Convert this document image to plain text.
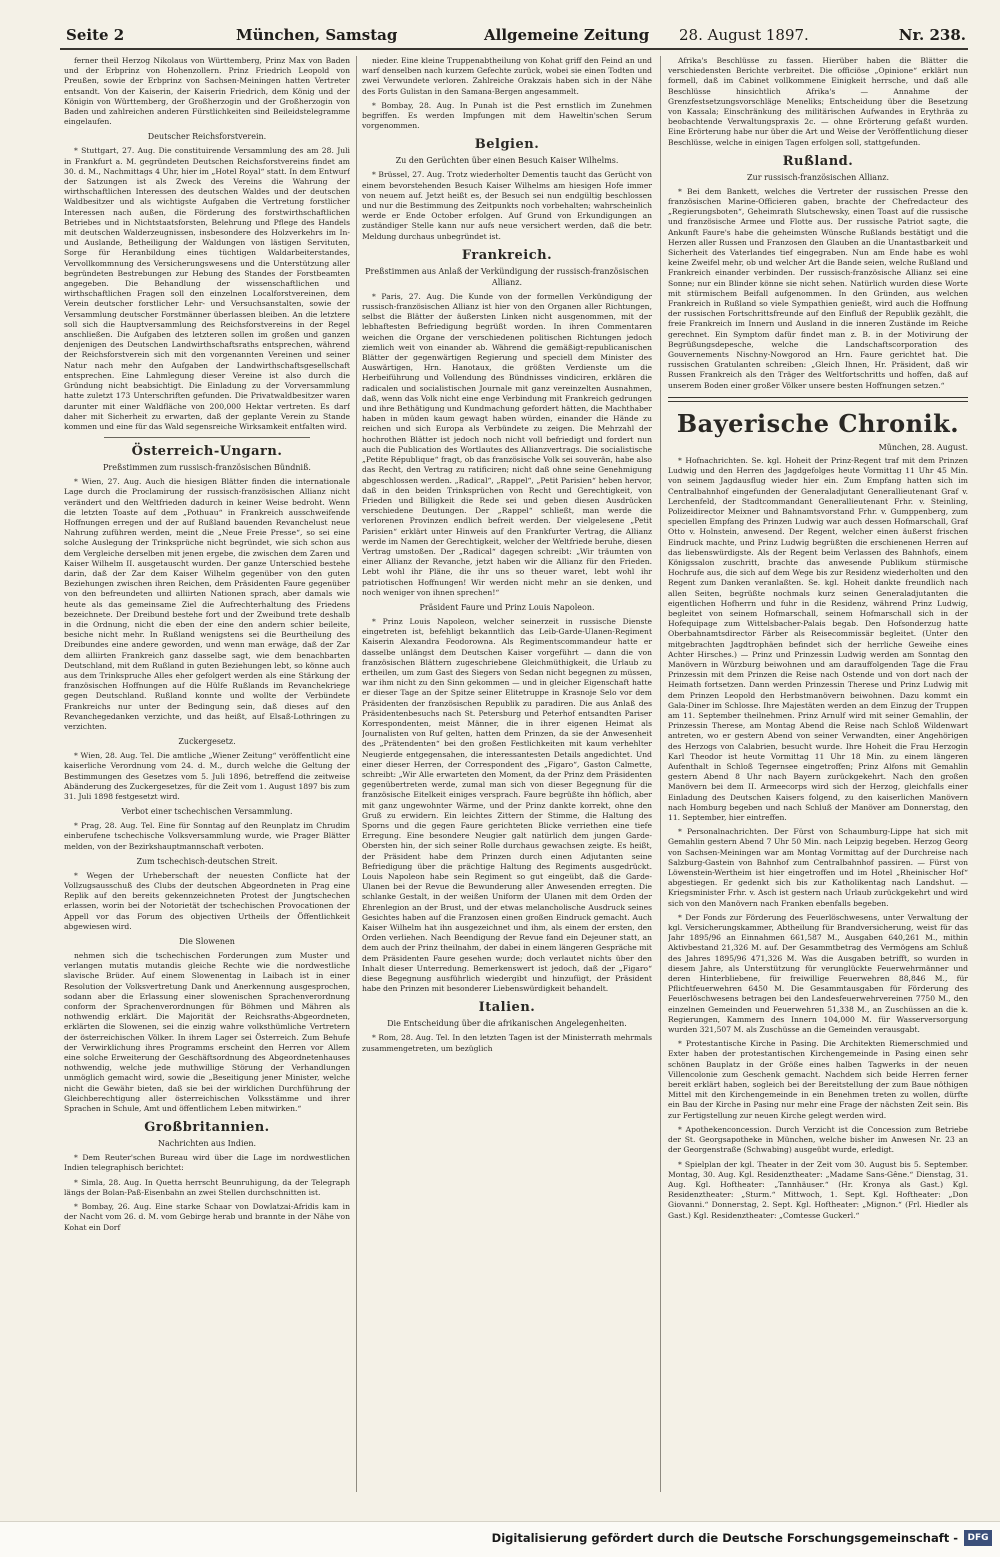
Seite 2	München, Samstag	Allgemeine Zeitung 28. August 1897.	Nr. 238.

ferner theil Herzog Nikolaus von Württemberg, Prinz Max von Baden und der Erbprinz von Hohenzollern. Prinz Friedrich Leopold von Preußen, sowie der Erbprinz von Sachsen-Meiningen hatten Vertreter entsandt. Von der Kaiserin, der Kaiserin Friedrich, dem König und der Königin von Württemberg, der Großherzogin und der Großherzogin von Baden und zahlreichen anderen Fürstlichkeiten sind Beileidstelegramme eingelaufen.

Deutscher Reichsforstverein.

* Stuttgart, 27. Aug. Die constituirende Versammlung des am 28. Juli in Frankfurt a. M. gegründeten Deutschen Reichsforstvereins findet am 30. d. M., Nachmittags 4 Uhr, hier im „Hotel Royal“ statt. In dem Entwurf der Satzungen ist als Zweck des Vereins die Wahrung der wirthschaftlichen Interessen des deutschen Waldes und der deutschen Waldbesitzer und als wichtigste Aufgaben die Vertretung forstlicher Interessen nach außen, die Förderung des forstwirthschaftlichen Betriebes und in Nichtstaatsforsten, Belehrung und Pflege des Handels mit deutschen Walderzeugnissen, insbesondere des Holzverkehrs im In- und Auslande, Betheiligung der Waldungen von lästigen Servituten, Sorge für Heranbildung eines tüchtigen Waldarbeiterstandes, Vervollkommnung des Versicherungswesens und die Unterstützung aller begründeten Bestrebungen zur Hebung des Standes der Forstbeamten angegeben. Die Behandlung der wissenschaftlichen und wirthschaftlichen Fragen soll den einzelnen Localforstvereinen, dem Verein deutscher forstlicher Lehr- und Versuchsanstalten, sowie der Versammlung deutscher Forstmänner überlassen bleiben. An die letztere soll sich die Hauptversammlung des Reichsforstvereins in der Regel anschließen. Die Aufgaben des letzteren sollen im großen und ganzen denjenigen des Deutschen Landwirthschaftsraths entsprechen, während der Reichsforstverein sich mit den vorgenannten Vereinen und seiner Natur nach mehr den Aufgaben der Landwirthschaftsgesellschaft entsprechen. Eine Lahmlegung dieser Vereine ist also durch die Gründung nicht beabsichtigt. Die Einladung zu der Vorversammlung hatte zuletzt 173 Unterschriften gefunden. Die Privatwaldbesitzer waren darunter mit einer Waldfläche von 200,000 Hektar vertreten. Es darf daher mit Sicherheit zu erwarten, daß der geplante Verein zu Stande kommen und eine für das Wald segensreiche Wirksamkeit entfalten wird.

Österreich-Ungarn.
Preßstimmen zum russisch-französischen Bündniß.

* Wien, 27. Aug. Auch die hiesigen Blätter finden die internationale Lage durch die Proclamirung der russisch-französischen Allianz nicht verändert und den Weltfrieden dadurch in keiner Weise bedroht. Wenn die letzten Toaste auf dem „Pothuau“ in Frankreich ausschweifende Hoffnungen erregen und der auf Rußland bauenden Revanchelust neue Nahrung zuführen werden, meint die „Neue Freie Presse“, so sei eine solche Auslegung der Trinksprüche nicht begründet, wie sich schon aus dem Vergleiche derselben mit jenen ergebe, die zwischen dem Zaren und Kaiser Wilhelm II. ausgetauscht wurden. Der ganze Unterschied bestehe darin, daß der Zar dem Kaiser Wilhelm gegenüber von den guten Beziehungen zwischen ihren Reichen, dem Präsidenten Faure gegenüber von den befreundeten und alliirten Nationen sprach, aber damals wie heute als das gemeinsame Ziel die Aufrechterhaltung des Friedens bezeichnete. Der Dreibund bestehe fort und der Zweibund trete deshalb in die Ordnung, nicht die eben der eine den andern schier beileite, besiche nicht mehr. In Rußland wenigstens sei die Beurtheilung des Dreibundes eine andere geworden, und wenn man erwäge, daß der Zar dem alliirten Frankreich ganz dasselbe sagt, wie dem benachbarten Deutschland, mit dem Rußland in guten Beziehungen lebt, so könne auch aus dem Trinkspruche Alles eher gefolgert werden als eine Stärkung der französischen Hoffnungen auf die Hülfe Rußlands im Revanchekriege gegen Deutschland. Rußland konnte und wollte der Verbündete Frankreichs nur unter der Bedingung sein, daß dieses auf den Revanchegedanken verzichte, und das heißt, auf Elsaß-Lothringen zu verzichten.

Zuckergesetz.

* Wien, 28. Aug. Tel. Die amtliche „Wiener Zeitung“ veröffentlicht eine kaiserliche Verordnung vom 24. d. M., durch welche die Geltung der Bestimmungen des Gesetzes vom 5. Juli 1896, betreffend die zeitweise Abänderung des Zuckergesetzes, für die Zeit vom 1. August 1897 bis zum 31. Juli 1898 festgesetzt wird.

Verbot einer tschechischen Versammlung.

* Prag, 28. Aug. Tel. Eine für Sonntag auf den Reunplatz im Chrudim einberufene tschechische Volksversammlung wurde, wie Prager Blätter melden, von der Bezirkshauptmannschaft verboten.

Zum tschechisch-deutschen Streit.

* Wegen der Urheberschaft der neuesten Conflicte hat der Vollzugsausschuß des Clubs der deutschen Abgeordneten in Prag eine Replik auf den bereits gekennzeichneten Protest der Jungtschechen erlassen, worin bei der Notorietät der tschechischen Provocationen der Appell vor das Forum des objectiven Urtheils der Öffentlichkeit abgewiesen wird.

Die Slowenen

nehmen sich die tschechischen Forderungen zum Muster und verlangen mutatis mutandis gleiche Rechte wie die nordwestliche slavische Brüder. Auf einem Slowenentag in Laibach ist in einer Resolution der Volksvertretung Dank und Anerkennung ausgesprochen, sodann aber die Erlassung einer slowenischen Sprachenverordnung conform der Sprachenverordnungen für Böhmen und Mähren als nothwendig erklärt. Die Majorität der Reichsraths-Abgeordneten, erklärten die Slowenen, sei die einzig wahre volksthümliche Vertretern der österreichischen Völker. In ihrem Lager sei Österreich. Zum Behufe der Verwirklichung ihres Programms erscheint den Herren vor Allem eine solche Erweiterung der Geschäftsordnung des Abgeordnetenhauses nothwendig, welche jede muthwillige Störung der Verhandlungen unmöglich gemacht wird, sowie die „Beseitigung jener Minister, welche nicht die Gewähr bieten, daß sie bei der wirklichen Durchführung der Gleichberechtigung aller österreichischen Volksstämme und ihrer Sprachen in Schule, Amt und öffentlichem Leben mitwirken.“

Großbritannien.
Nachrichten aus Indien.

* Dem Reuter'schen Bureau wird über die Lage im nordwestlichen Indien telegraphisch berichtet:

* Simla, 28. Aug. In Quetta herrscht Beunruhigung, da der Telegraph längs der Bolan-Paß-Eisenbahn an zwei Stellen durchschnitten ist.

* Bombay, 26. Aug. Eine starke Schaar von Dowlatzai-Afridis kam in der Nacht vom 26. d. M. vom Gebirge herab und brannte in der Nähe von Kohat ein Dorf

nieder. Eine kleine Truppenabtheilung von Kohat griff den Feind an und warf denselben nach kurzem Gefechte zurück, wobei sie einen Todten und zwei Verwundete verloren. Zahlreiche Orakzais haben sich in der Nähe des Forts Gulistan in den Samana-Bergen angesammelt.

* Bombay, 28. Aug. In Punah ist die Pest ernstlich im Zunehmen begriffen. Es werden Impfungen mit dem Haweltin'schen Serum vorgenommen.

Belgien.
Zu den Gerüchten über einen Besuch Kaiser Wilhelms.

* Brüssel, 27. Aug. Trotz wiederholter Dementis taucht das Gerücht von einem bevorstehenden Besuch Kaiser Wilhelms am hiesigen Hofe immer von neuem auf. Jetzt heißt es, der Besuch sei nun endgültig beschlossen und nur die Bestimmung des Zeitpunkts noch vorbehalten; wahrscheinlich werde er Ende October erfolgen. Auf Grund von Erkundigungen an zuständiger Stelle kann nur aufs neue versichert werden, daß die betr. Meldung durchaus unbegründet ist.

Frankreich.
Preßstimmen aus Anlaß der Verkündigung der russisch-französischen Allianz.

* Paris, 27. Aug. Die Kunde von der formellen Verkündigung der russisch-französischen Allianz ist hier von den Organen aller Richtungen, selbst die Blätter der äußersten Linken nicht ausgenommen, mit der lebhaftesten Befriedigung begrüßt worden. In ihren Commentaren weichen die Organe der verschiedenen politischen Richtungen jedoch ziemlich weit von einander ab. Während die gemäßigt-republicanischen Blätter der gegenwärtigen Regierung und speciell dem Minister des Auswärtigen, Hrn. Hanotaux, die größten Verdienste um die Herbeiführung und Vollendung des Bündnisses vindiciren, erklären die radicalen und socialistischen Journale mit ganz vereinzelten Ausnahmen, daß, wenn das Volk nicht eine enge Verbindung mit Frankreich gedrungen und ihre Bethätigung und Kundmachung gefordert hätten, die Machthaber haben in müden kaum gewagt haben würden, einander die Hände zu reichen und sich Europa als Verbündete zu zeigen. Die Mehrzahl der hochrothen Blätter ist jedoch noch nicht voll befriedigt und fordert nun auch die Publication des Wortlautes des Allianzvertrags. Die socialistische „Petite République“ fragt, ob das französische Volk sei souverän, habe also das Recht, den Vertrag zu ratificiren; nicht daß ohne seine Genehmigung abgeschlossen werden. „Radical“, „Rappel“, „Petit Parisien“ heben hervor, daß in den beiden Trinksprüchen von Recht und Gerechtigkeit, von Frieden und Billigkeit die Rede sei und geben diesen Ausdrücken verschiedene Deutungen. Der „Rappel“ schließt, man werde die verlorenen Provinzen endlich befreit werden. Der vielgelesene „Petit Parisien“ erklärt unter Hinweis auf den Frankfurter Vertrag, die Allianz werde im Namen der Gerechtigkeit, welcher der Weltfriede beruhe, diesen Vertrag umstoßen. Der „Radical“ dagegen schreibt: „Wir träumten von einer Allianz der Revanche, jetzt haben wir die Allianz für den Frieden. Lebt wohl ihr Pläne, die ihr uns so theuer waret, lebt wohl ihr patriotischen Hoffnungen! Wir werden nicht mehr an sie denken, und noch weniger von ihnen sprechen!“

Präsident Faure und Prinz Louis Napoleon.

* Prinz Louis Napoleon, welcher seinerzeit in russische Dienste eingetreten ist, befehligt bekanntlich das Leib-Garde-Ulanen-Regiment Kaiserin Alexandra Feodorowna. Als Regimentscommandeur hatte er dasselbe unlängst dem Deutschen Kaiser vorgeführt — dann die von französischen Blättern zugeschriebene Gleichmüthigkeit, die Urlaub zu ertheilen, um zum Gast des Siegers von Sedan nicht begegnen zu müssen, war ihm nicht zu den Sinn gekommen — und in gleicher Eigenschaft hatte er dieser Tage an der Spitze seiner Elitetruppe in Krasnoje Selo vor dem Präsidenten der französischen Republik zu paradiren. Die aus Anlaß des Präsidentenbesuchs nach St. Petersburg und Peterhof entsandten Pariser Korrespondenten, meist Männer, die in ihrer eigenen Heimat als Journalisten von Ruf gelten, hatten dem Prinzen, da sie der Anwesenheit des „Prätendenten“ bei den großen Festlichkeiten mit kaum verhehlter Neugierde entgegensahen, die interessantesten Details angedichtet. Und einer dieser Herren, der Correspondent des „Figaro“, Gaston Calmette, schreibt: „Wir Alle erwarteten den Moment, da der Prinz dem Präsidenten gegenübertreten werde, zumal man sich von dieser Begegnung für die französische Eitelkeit einiges versprach. Faure begrüßte ihn höflich, aber mit ganz ungewohnter Wärme, und der Prinz dankte korrekt, ohne den Gruß zu erwidern. Ein leichtes Zittern der Stimme, die Haltung des Sporns und die gegen Faure gerichteten Blicke verriethen eine tiefe Erregung. Eine besondere Neugier galt natürlich dem jungen Garde-Obersten hin, der sich seiner Rolle durchaus gewachsen zeigte. Es heißt, der Präsident habe dem Prinzen durch einen Adjutanten seine Befriedigung über die prächtige Haltung des Regiments ausgedrückt. Louis Napoleon habe sein Regiment so gut eingeübt, daß die Garde-Ulanen bei der Revue die Bewunderung aller Anwesenden erregten. Die schlanke Gestalt, in der weißen Uniform der Ulanen mit dem Orden der Ehrenlegion an der Brust, und der etwas melancholische Ausdruck seines Gesichtes haben auf die Franzosen einen großen Eindruck gemacht. Auch Kaiser Wilhelm hat ihn ausgezeichnet und ihm, als einem der ersten, den Orden verliehen. Nach Beendigung der Revue fand ein Dejeuner statt, an dem auch der Prinz theilnahm, der dabei in einem längeren Gespräche mit dem Präsidenten Faure gesehen wurde; doch verlautet nichts über den Inhalt dieser Unterredung. Bemerkenswert ist jedoch, daß der „Figaro“ diese Begegnung ausführlich wiedergibt und hinzufügt, der Präsident habe den Prinzen mit besonderer Liebenswürdigkeit behandelt.

Italien.
Die Entscheidung über die afrikanischen Angelegenheiten.

* Rom, 28. Aug. Tel. In den letzten Tagen ist der Ministerrath mehrmals zusammengetreten, um bezüglich

Afrika's Beschlüsse zu fassen. Hierüber haben die Blätter die verschiedensten Berichte verbreitet. Die officiöse „Opinione“ erklärt nun formell, daß im Cabinet vollkommene Einigkeit herrsche, und daß alle Beschlüsse hinsichtlich Afrika's — Annahme der Grenzfestsetzungsvorschläge Meneliks; Entscheidung über die Besetzung von Kassala; Einschränkung des militärischen Aufwandes in Erythräa zu beobachtende Verwaltungspraxis 2c. — ohne Erörterung gefaßt wurden. Eine Erörterung habe nur über die Art und Weise der Veröffentlichung dieser Beschlüsse, welche in einigen Tagen erfolgen soll, stattgefunden.

Rußland.
Zur russisch-französischen Allianz.

* Bei dem Bankett, welches die Vertreter der russischen Presse den französischen Marine-Officieren gaben, brachte der Chefredacteur des „Regierungsboten“, Geheimrath Slutschewsky, einen Toast auf die russische und französische Armee und Flotte aus. Der russische Patriot sagte, die Ankunft Faure's habe die geheimsten Wünsche Rußlands bestätigt und die Herzen aller Russen und Franzosen den Glauben an die Unantastbarkeit und Sicherheit des Vaterlandes tief eingegraben. Nun am Ende habe es wohl keine Zweifel mehr, ob und welcher Art die Bande seien, welche Rußland und Frankreich einander verbinden. Der russisch-französische Allianz sei eine Sonne; nur ein Blinder könne sie nicht sehen. Natürlich wurden diese Worte mit stürmischem Beifall aufgenommen. In den Gründen, aus welchen Frankreich in Rußland so viele Sympathien genießt, wird auch die Hoffnung der russischen Fortschrittsfreunde auf den Einfluß der Republik gezählt, die freie Frankreich im Innern und Ausland in die inneren Zustände im Reiche gerechnet. Ein Symptom dafür findet man z. B. in der Motivirung der Begrüßungsdepesche, welche die Landschaftscorporation des Gouvernements Nischny-Nowgorod an Hrn. Faure gerichtet hat. Die russischen Gratulanten schreiben: „Gleich Ihnen, Hr. Präsident, daß wir Russen Frankreich als den Träger des Weltfortschritts und hoffen, daß auf unserem Boden einer großer Völker unsere besten Hoffnungen setzen.“

Bayerische Chronik.
München, 28. August.

* Hofnachrichten. Se. kgl. Hoheit der Prinz-Regent traf mit dem Prinzen Ludwig und den Herren des Jagdgefolges heute Vormittag 11 Uhr 45 Min. von seinem Jagdausflug wieder hier ein. Zum Empfang hatten sich im Centralbahnhof eingefunden der Generaladjutant Generallieutenant Graf v. Lerchenfeld, der Stadtcommandant Generallieutenant Frhr. v. Steinling, Polizeidirector Meixner und Bahnamtsvorstand Frhr. v. Gumppenberg, zum speciellen Empfang des Prinzen Ludwig war auch dessen Hofmarschall, Graf Otto v. Holnstein, anwesend. Der Regent, welcher einen äußerst frischen Eindruck machte, und Prinz Ludwig begrüßten die erschienenen Herren auf das liebenswürdigste. Als der Regent beim Verlassen des Bahnhofs, einem Königssalon zuschritt, brachte das anwesende Publikum stürmische Hochrufe aus, die sich auf dem Wege bis zur Residenz wiederholten und den Regent zum Danken veranlaßten. Se. kgl. Hoheit dankte freundlich nach allen Seiten, begrüßte nochmals kurz seinen Generaladjutanten die eigentlichen Hofherrn und fuhr in die Residenz, während Prinz Ludwig, begleitet von seinem Hofmarschall, seinem Hofmarschall sich in der Hofequipage zum Wittelsbacher-Palais begab. Den Hofsonderzug hatte Oberbahnamtsdirector Färber als Reisecommissär begleitet. (Unter den mitgebrachten Jagdtrophäen befindet sich der herrliche Geweihe eines Achter Hirsches.) — Prinz und Prinzessin Ludwig werden am Sonntag den Manövern in Würzburg beiwohnen und am darauffolgenden Tage die Frau Prinzessin mit dem Prinzen die Reise nach Ostende und von dort nach der Heimath fortsetzen. Dann werden Prinzessin Therese und Prinz Ludwig mit dem Prinzen Leopold den Herbstmanövern beiwohnen. Dazu kommt ein Gala-Diner im Schlosse. Ihre Majestäten werden an dem Einzug der Truppen am 11. September theilnehmen. Prinz Arnulf wird mit seiner Gemahlin, der Prinzessin Therese, am Montag Abend die Reise nach Schloß Wildenwart antreten, wo er gestern Abend von seiner Verwandten, einer Angehörigen des Herzogs von Calabrien, besucht wurde. Ihre Hoheit die Frau Herzogin Karl Theodor ist heute Vormittag 11 Uhr 18 Min. zu einem längeren Aufenthalt in Schloß Tegernsee eingetroffen; Prinz Alfons mit Gemahlin gestern Abend 8 Uhr nach Bayern zurückgekehrt. Nach den großen Manövern bei dem II. Armeecorps wird sich der Herzog, gleichfalls einer Einladung des Deutschen Kaisers folgend, zu den kaiserlichen Manövern nach Homburg begeben und nach Schluß der Manöver am Donnerstag, den 11. September, hier eintreffen.

* Personalnachrichten. Der Fürst von Schaumburg-Lippe hat sich mit Gemahlin gestern Abend 7 Uhr 50 Min. nach Leipzig begeben. Herzog Georg von Sachsen-Meiningen war am Montag Vormittag auf der Durchreise nach Salzburg-Gastein von Bahnhof zum Centralbahnhof passiren. — Fürst von Löwenstein-Wertheim ist hier eingetroffen und im Hotel „Rheinischer Hof“ abgestiegen. Er gedenkt sich bis zur Katholikentag nach Landshut. — Kriegsminister Frhr. v. Asch ist gestern nach Urlaub zurückgekehrt und wird sich von den Manövern nach Franken ebenfalls begeben.

* Der Fonds zur Förderung des Feuerlöschwesens, unter Verwaltung der kgl. Versicherungskammer, Abtheilung für Brandversicherung, weist für das Jahr 1895/96 an Einnahmen 661,587 M., Ausgaben 640,261 M., mithin Aktivbestand 21,326 M. auf. Der Gesammtbetrag des Vermögens am Schluß des Jahres 1895/96 471,326 M. Was die Ausgaben betrifft, so wurden in diesem Jahre, als Unterstützung für verunglückte Feuerwehrmänner und deren Hinterbliebene, für freiwillige Feuerwehren 88,846 M., für Pflichtfeuerwehren 6450 M. Die Gesammtausgaben für Förderung des Feuerlöschwesens betragen bei den Landesfeuerwehrvereinen 7750 M., den einzelnen Gemeinden und Feuerwehren 51,338 M., an Zuschüssen an die k. Regierungen, Kammern des Innern 104,000 M. für Wasserversorgung wurden 321,507 M. als Zuschüsse an die Gemeinden verausgabt.

* Protestantische Kirche in Pasing. Die Architekten Riemerschmied und Exter haben der protestantischen Kirchengemeinde in Pasing einen sehr schönen Bauplatz in der Größe eines halben Tagwerks in der neuen Villencolonie zum Geschenk gemacht. Nachdem sich beide Herren ferner bereit erklärt haben, sogleich bei der Bereitstellung der zum Baue nöthigen Mittel mit den Kirchengemeinde in ein Benehmen treten zu wollen, dürfte ein Bau der Kirche in Pasing nur mehr eine Frage der nächsten Zeit sein. Bis zur Fertigstellung zur neuen Kirche gelegt werden wird.

* Apothekenconcession. Durch Verzicht ist die Concession zum Betriebe der St. Georgsapotheke in München, welche bisher im Anwesen Nr. 23 an der Georgenstraße (Schwabing) ausgeübt wurde, erledigt.

* Spielplan der kgl. Theater in der Zeit vom 30. August bis 5. September. Montag, 30. Aug. Kgl. Residenztheater: „Madame Sans-Gêne.“ Dienstag, 31. Aug. Kgl. Hoftheater: „Tannhäuser.“ (Hr. Kronya als Gast.) Kgl. Residenztheater: „Sturm.“ Mittwoch, 1. Sept. Kgl. Hoftheater: „Don Giovanni.“ Donnerstag, 2. Sept. Kgl. Hoftheater: „Mignon.“ (Frl. Hiedler als Gast.) Kgl. Residenztheater: „Comtesse Guckerl.“

Digitalisierung gefördert durch die Deutsche Forschungsgemeinschaft -	DFG
